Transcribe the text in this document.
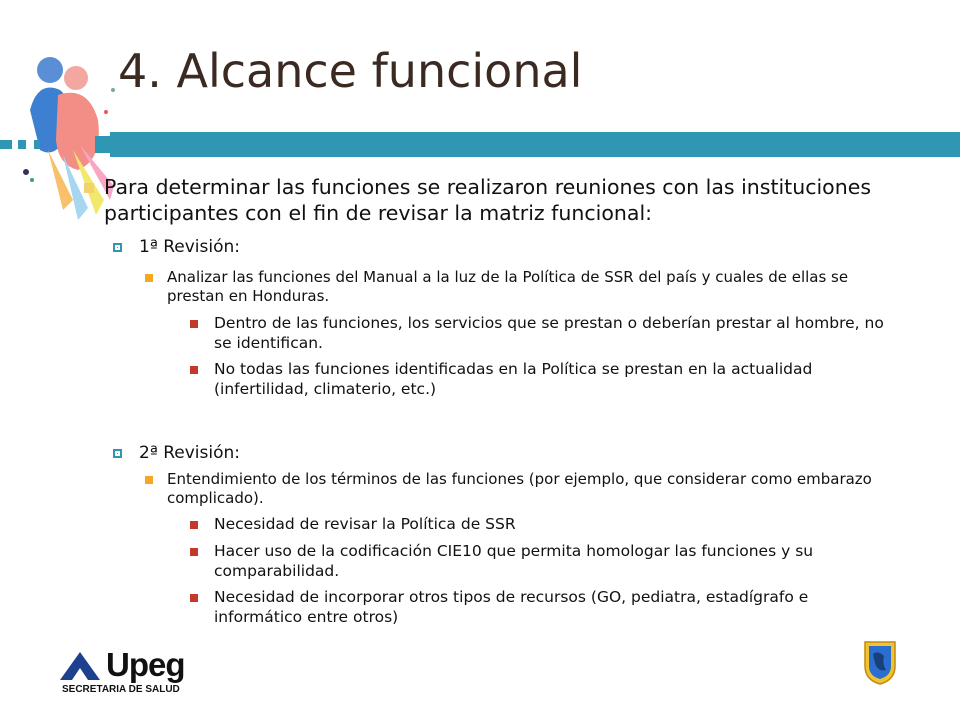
4. Alcance funcional
Para determinar las funciones se realizaron reuniones con las instituciones participantes con el fin de revisar la matriz funcional:
1ª Revisión:
Analizar las funciones del Manual a la luz de la Política de SSR del país y cuales de ellas se prestan en Honduras.
Dentro de las funciones, los servicios que se prestan o deberían prestar al hombre, no se identifican.
No todas las funciones identificadas en la Política se prestan en la actualidad (infertilidad, climaterio, etc.)
2ª Revisión:
Entendimiento de los términos de las funciones (por ejemplo, que considerar como embarazo complicado).
Necesidad de revisar la Política de SSR
Hacer uso de la codificación CIE10 que permita homologar las funciones y su comparabilidad.
Necesidad de incorporar otros tipos de recursos (GO, pediatra, estadígrafo e informático entre otros)
Upeg
SECRETARIA DE SALUD
